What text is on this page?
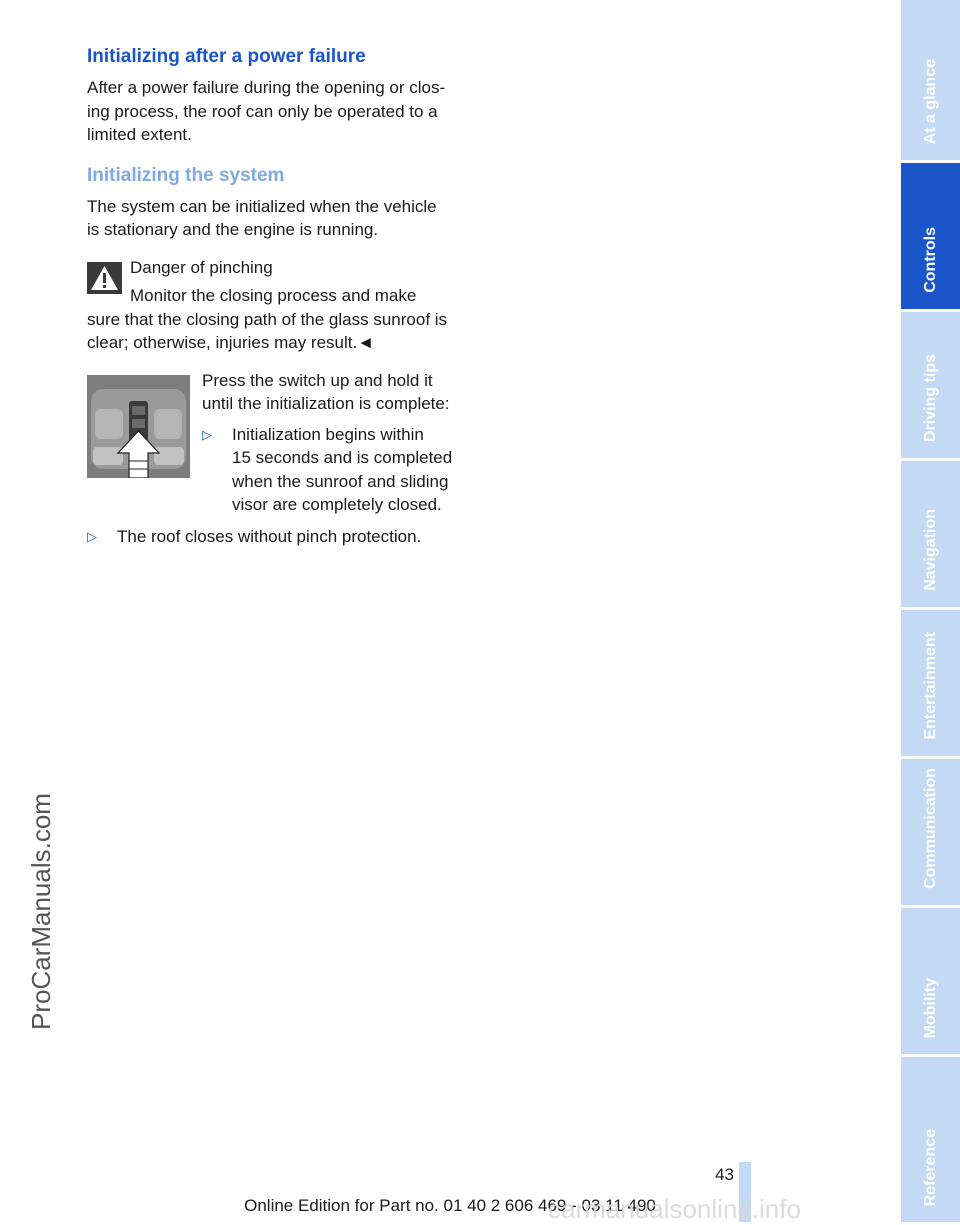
Initializing after a power failure

After a power failure during the opening or clos-
ing process, the roof can only be operated to a
limited extent.

Initializing the system

The system can be initialized when the vehicle
is stationary and the engine is running.

Danger of pinching

Monitor the closing process and make
sure that the closing path of the glass sunroof is
clear; otherwise, injuries may result.◄

Press the switch up and hold it
until the initialization is complete:

▷	Initialization begins within
15 seconds and is completed
when the sunroof and sliding
visor are completely closed.
▷	The roof closes without pinch protection.
At a glance
Controls
Driving tips
Navigation
Entertainment
Communication
Mobility
Reference
43
Online Edition for Part no. 01 40 2 606 469 - 03 11 490
ProCarManuals.com
carmanualsonline.info
